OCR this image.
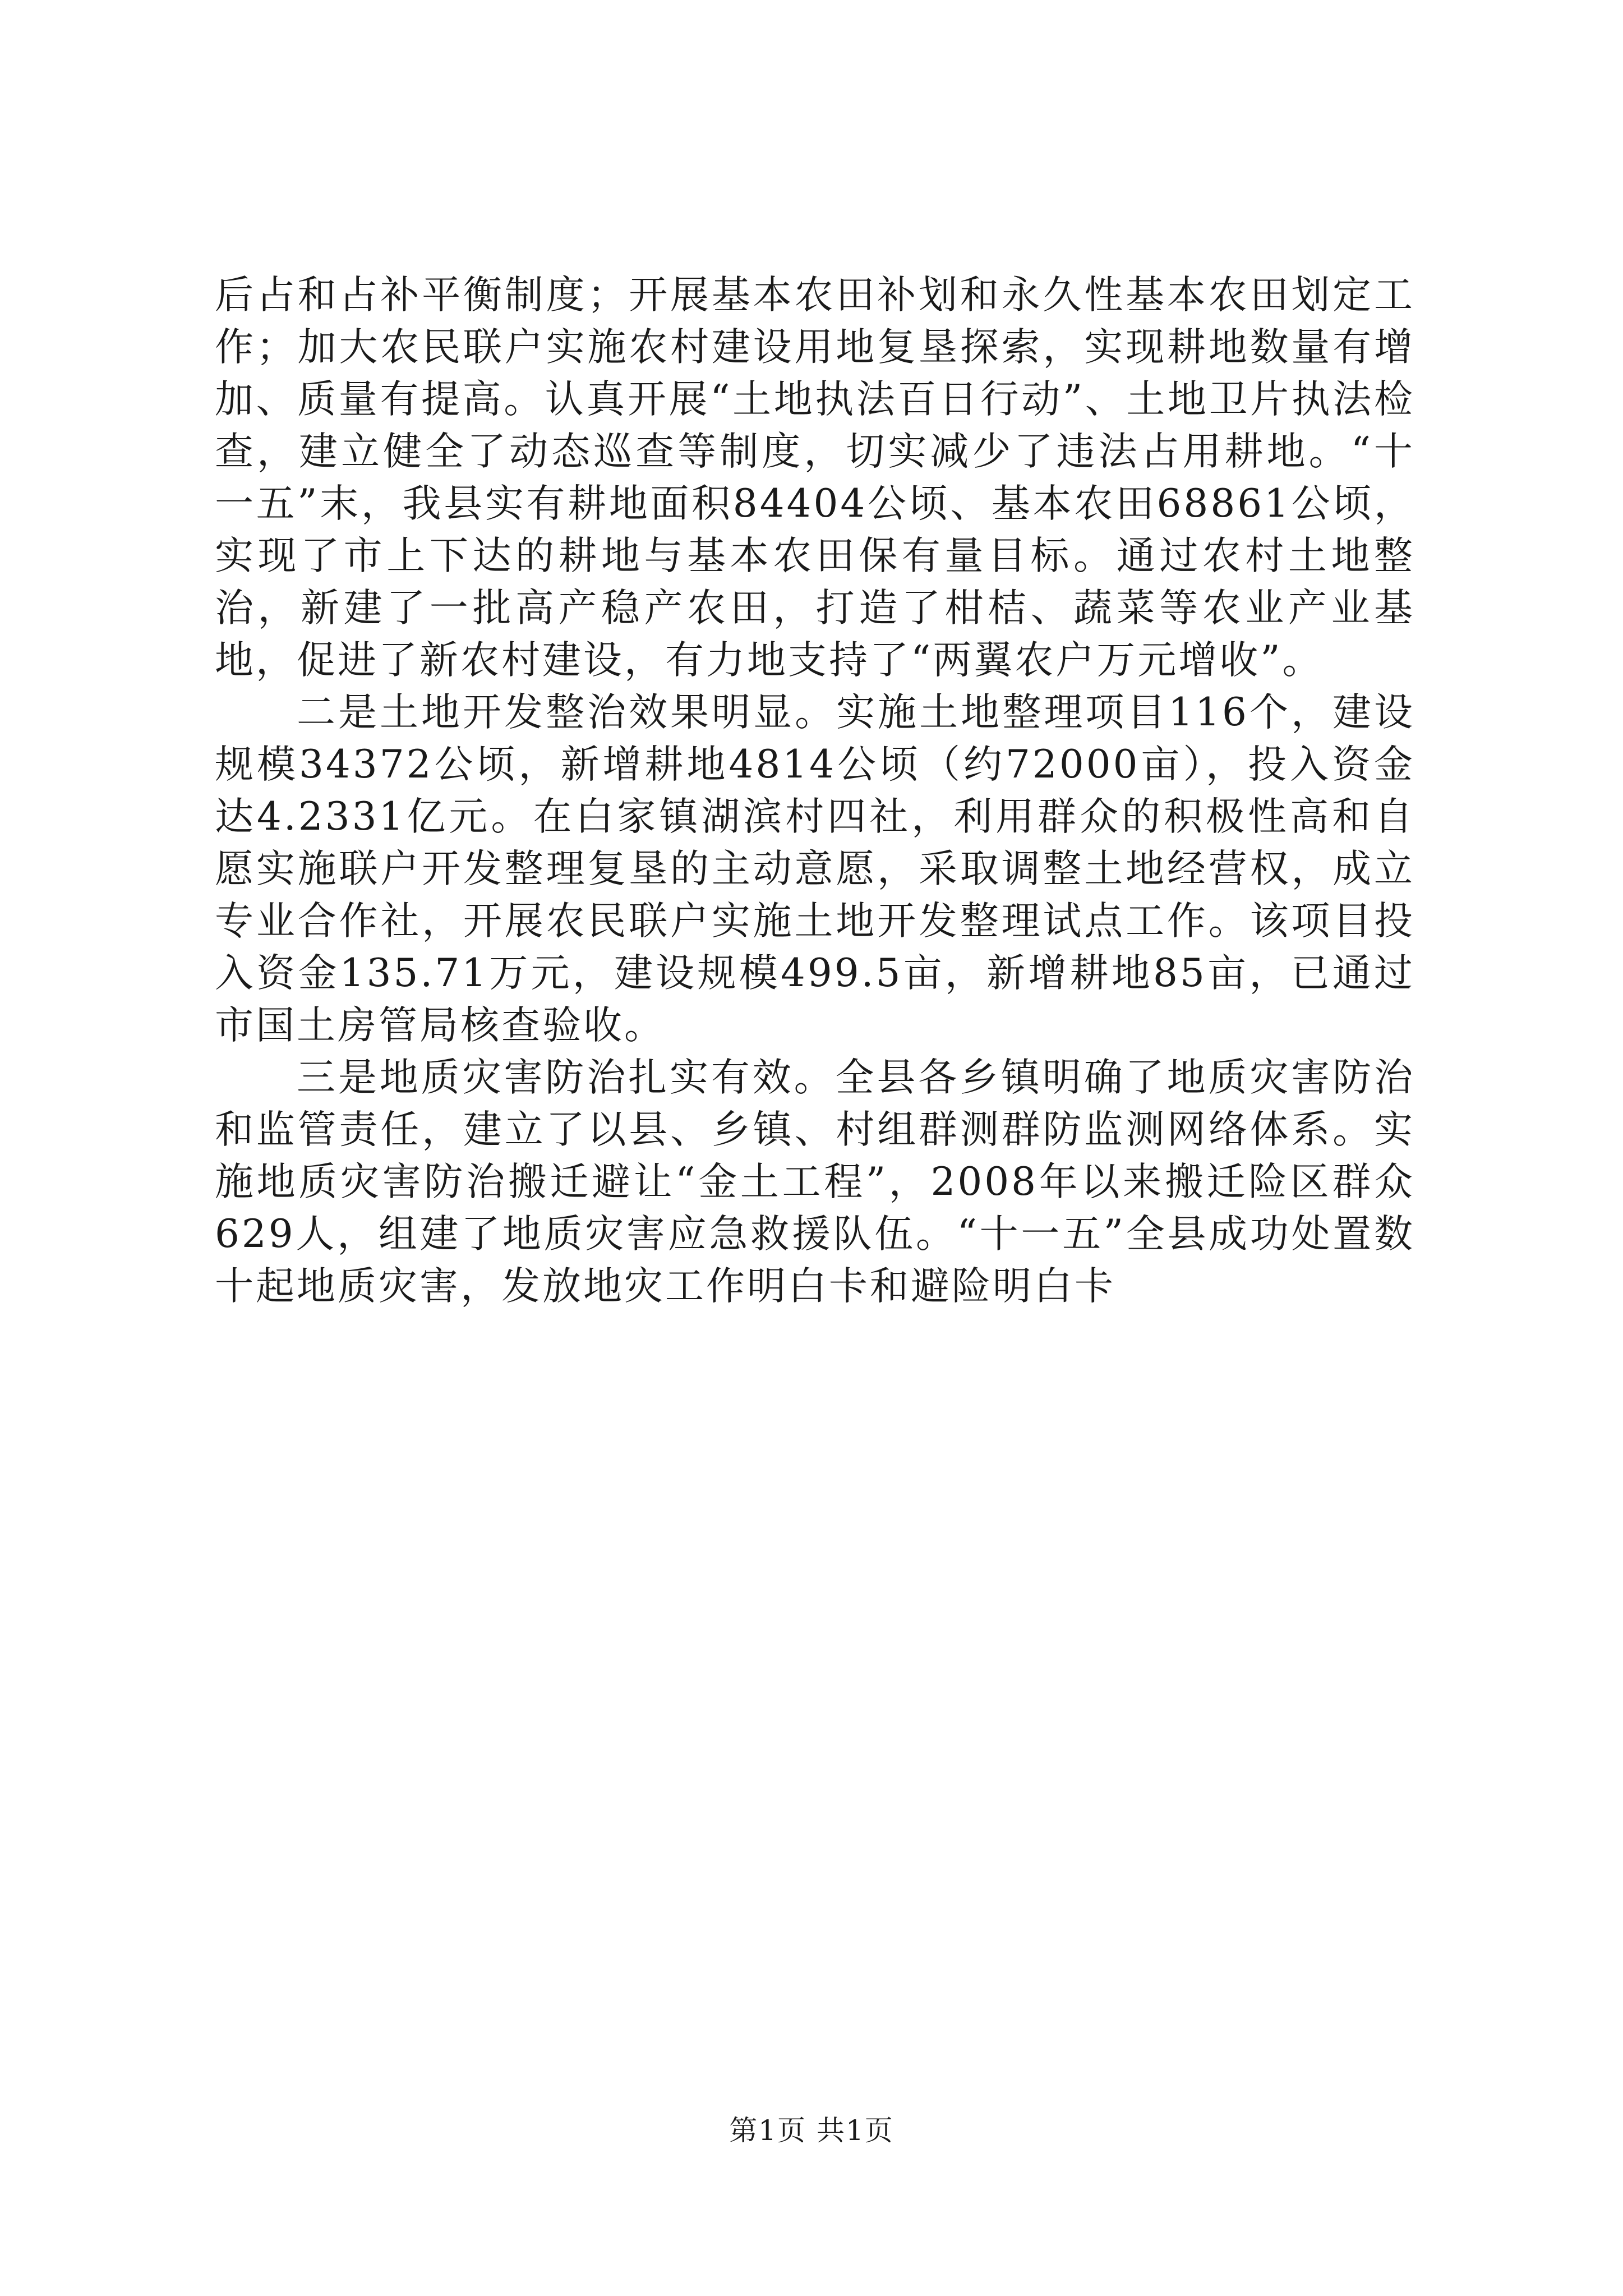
后占和占补平衡制度；开展基本农田补划和永久性基本农田划定工作；加大农民联户实施农村建设用地复垦探索，实现耕地数量有增加、质量有提高。认真开展“土地执法百日行动”、土地卫片执法检查，建立健全了动态巡查等制度，切实减少了违法占用耕地。“十一五”末，我县实有耕地面积84404公顷、基本农田68861公顷，实现了市上下达的耕地与基本农田保有量目标。通过农村土地整治，新建了一批高产稳产农田，打造了柑桔、蔬菜等农业产业基地，促进了新农村建设，有力地支持了“两翼农户万元增收”。

二是土地开发整治效果明显。实施土地整理项目116个，建设规模34372公顷，新增耕地4814公顷（约72000亩），投入资金达4.2331亿元。在白家镇湖滨村四社，利用群众的积极性高和自愿实施联户开发整理复垦的主动意愿，采取调整土地经营权，成立专业合作社，开展农民联户实施土地开发整理试点工作。该项目投入资金135.71万元，建设规模499.5亩，新增耕地85亩，已通过市国土房管局核查验收。

三是地质灾害防治扎实有效。全县各乡镇明确了地质灾害防治和监管责任，建立了以县、乡镇、村组群测群防监测网络体系。实施地质灾害防治搬迁避让“金土工程”，2008年以来搬迁险区群众629人，组建了地质灾害应急救援队伍。“十一五”全县成功处置数十起地质灾害，发放地灾工作明白卡和避险明白卡

第1页 共1页
